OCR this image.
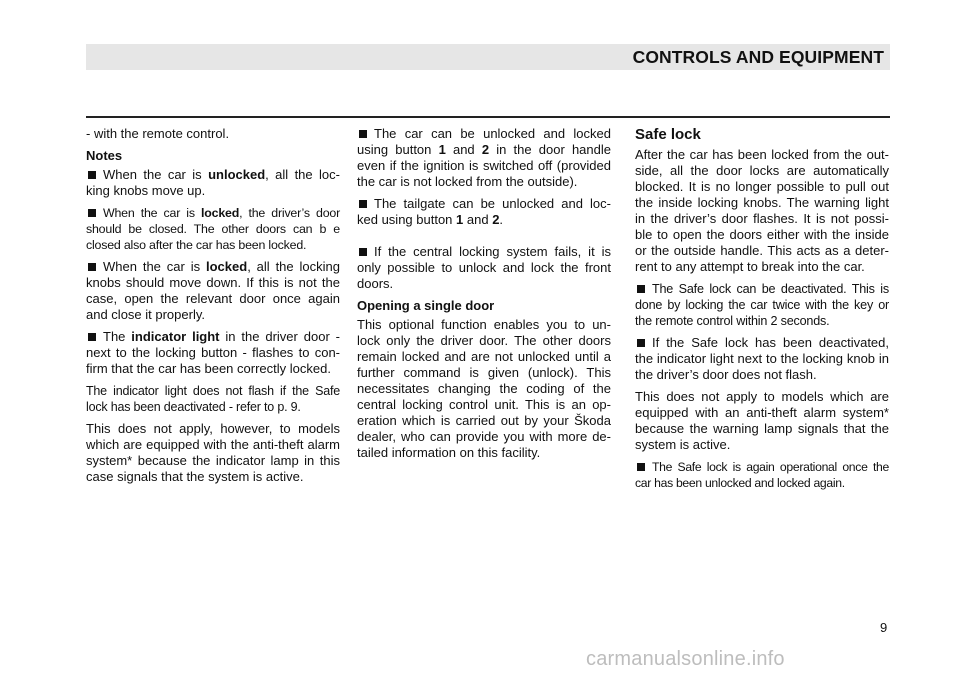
CONTROLS AND EQUIPMENT

- with the remote control.

Notes

When the car is unlocked, all the loc-king knobs move up.

When the car is locked, the driver’s door should be closed. The other doors can b e closed also after the car has been locked.

When the car is locked, all the locking knobs should move down. If this is not the case, open the relevant door once again and close it properly.

The indicator light in the driver door -next to the locking button - flashes to con-firm that the car has been correctly locked.

The indicator light does not flash if the Safe lock has been deactivated - refer to p. 9.

This does not apply, however, to models which are equipped with the anti-theft alarm system* because the indicator lamp in this case signals that the system is active.

The car can be unlocked and locked using button 1 and 2 in the door handle even if the ignition is switched off (provided the car is not locked from the outside).

The tailgate can be unlocked and loc-ked using button 1 and 2.

If the central locking system fails, it is only possible to unlock and lock the front doors.

Opening a single door

This optional function enables you to un-lock only the driver door. The other doors remain locked and are not unlocked until a further command is given (unlock). This necessitates changing the coding of the central locking control unit. This is an op-eration which is carried out by your Škoda dealer, who can provide you with more de-tailed information on this facility.

Safe lock

After the car has been locked from the out-side, all the door locks are automatically blocked. It is no longer possible to pull out the inside locking knobs. The warning light in the driver’s door flashes. It is not possi-ble to open the doors either with the inside or the outside handle. This acts as a deter-rent to any attempt to break into the car.

The Safe lock can be deactivated. This is done by locking the car twice with the key or the remote control within 2 seconds.

If the Safe lock has been deactivated, the indicator light next to the locking knob in the driver’s door does not flash.

This does not apply to models which are equipped with an anti-theft alarm system* because the warning lamp signals that the system is active.

The Safe lock is again operational once the car has been unlocked and locked again.

9
carmanualsonline.info
